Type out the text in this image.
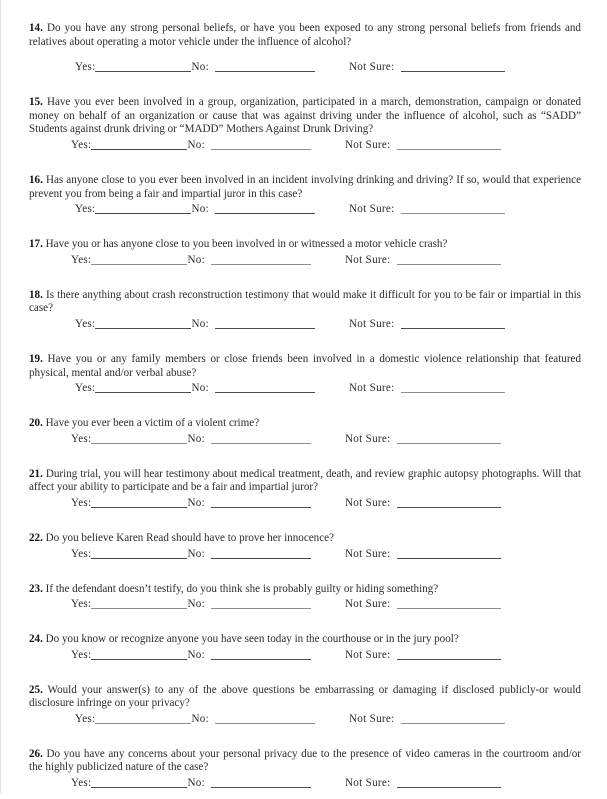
14. Do you have any strong personal beliefs, or have you been exposed to any strong personal beliefs from friends and relatives about operating a motor vehicle under the influence of alcohol?

Yes:	No:	Not Sure:

15. Have you ever been involved in a group, organization, participated in a march, demonstration, campaign or donated money on behalf of an organization or cause that was against driving under the influence of alcohol, such as “SADD” Students against drunk driving or “MADD” Mothers Against Drunk Driving?

Yes:	No:	Not Sure:

16. Has anyone close to you ever been involved in an incident involving drinking and driving? If so, would that experience prevent you from being a fair and impartial juror in this case?

Yes:	No:	Not Sure:

17. Have you or has anyone close to you been involved in or witnessed a motor vehicle crash?

Yes:	No:	Not Sure:

18. Is there anything about crash reconstruction testimony that would make it difficult for you to be fair or impartial in this case?

Yes:	No:	Not Sure:

19. Have you or any family members or close friends been involved in a domestic violence relationship that featured physical, mental and/or verbal abuse?

Yes:	No:	Not Sure:

20. Have you ever been a victim of a violent crime?

Yes:	No:	Not Sure:

21. During trial, you will hear testimony about medical treatment, death, and review graphic autopsy photographs. Will that affect your ability to participate and be a fair and impartial juror?

Yes:	No:	Not Sure:

22. Do you believe Karen Read should have to prove her innocence?

Yes:	No:	Not Sure:

23. If the defendant doesn’t testify, do you think she is probably guilty or hiding something?

Yes:	No:	Not Sure:

24. Do you know or recognize anyone you have seen today in the courthouse or in the jury pool?

Yes:	No:	Not Sure:

25. Would your answer(s) to any of the above questions be embarrassing or damaging if disclosed publicly-or would disclosure infringe on your privacy?

Yes:	No:	Not Sure:

26. Do you have any concerns about your personal privacy due to the presence of video cameras in the courtroom and/or the highly publicized nature of the case?

Yes:	No:	Not Sure:
